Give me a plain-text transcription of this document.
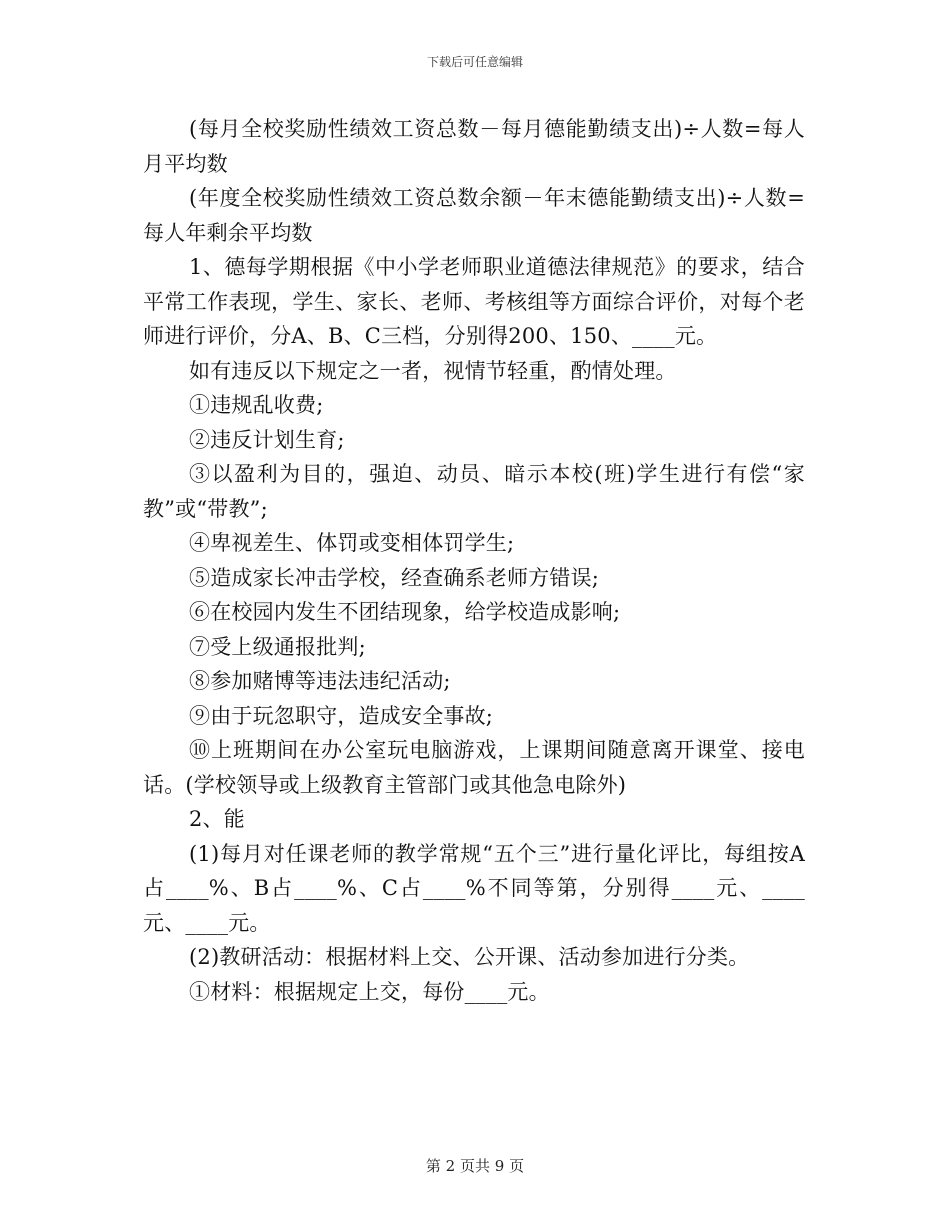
下载后可任意编辑

(每月全校奖励性绩效工资总数－每月德能勤绩支出)÷人数=每人月平均数

(年度全校奖励性绩效工资总数余额－年末德能勤绩支出)÷人数=每人年剩余平均数

1、德每学期根据《中小学老师职业道德法律规范》的要求，结合平常工作表现，学生、家长、老师、考核组等方面综合评价，对每个老师进行评价，分A、B、C三档，分别得200、150、____元。

如有违反以下规定之一者，视情节轻重，酌情处理。

①违规乱收费;

②违反计划生育;

③以盈利为目的，强迫、动员、暗示本校(班)学生进行有偿“家教”或“带教”;

④卑视差生、体罚或变相体罚学生;

⑤造成家长冲击学校，经查确系老师方错误;

⑥在校园内发生不团结现象，给学校造成影响;

⑦受上级通报批判;

⑧参加赌博等违法违纪活动;

⑨由于玩忽职守，造成安全事故;

⑩上班期间在办公室玩电脑游戏，上课期间随意离开课堂、接电话。(学校领导或上级教育主管部门或其他急电除外)

2、能

(1)每月对任课老师的教学常规“五个三”进行量化评比，每组按A占____%、B占____%、C占____%不同等第，分别得____元、____元、____元。

(2)教研活动：根据材料上交、公开课、活动参加进行分类。

①材料：根据规定上交，每份____元。

第 2 页共 9 页
